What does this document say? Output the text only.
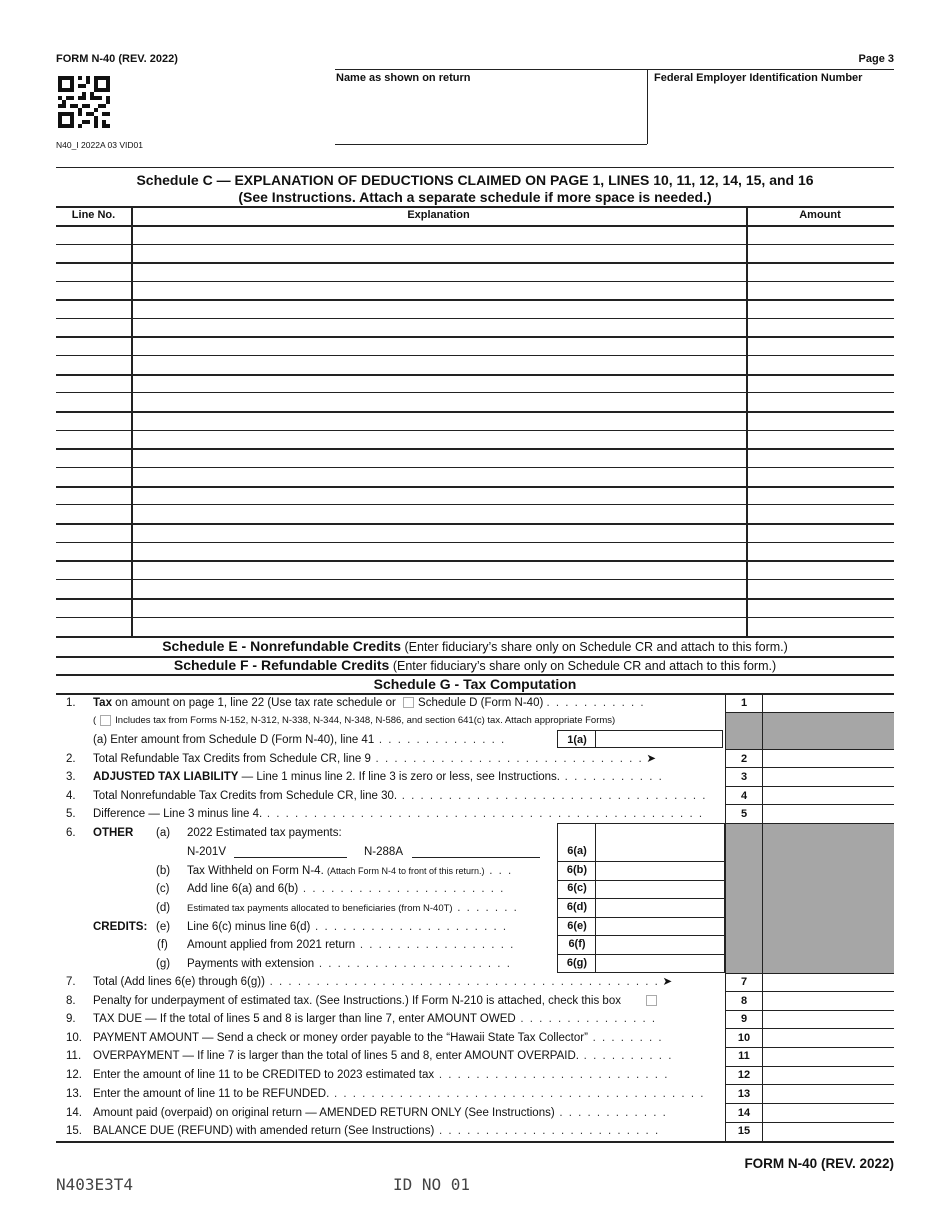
FORM N-40 (REV. 2022)	Page 3
N40_I 2022A 03 VID01
Name as shown on return	Federal Employer Identification Number
Schedule C — EXPLANATION OF DEDUCTIONS CLAIMED ON PAGE 1, LINES 10, 11, 12, 14, 15, and 16
(See Instructions. Attach a separate schedule if more space is needed.)
Line No.	Explanation	Amount
Schedule E - Nonrefundable Credits (Enter fiduciary’s share only on Schedule CR and attach to this form.)
Schedule F - Refundable Credits (Enter fiduciary’s share only on Schedule CR and attach to this form.)
Schedule G - Tax Computation
1. Tax on amount on page 1, line 22 (Use tax rate schedule or Schedule D (Form N-40) . . . . . . . . . . .	1
( Includes tax from Forms N-152, N-312, N-338, N-344, N-348, N-586, and section 641(c) tax. Attach appropriate Forms)
(a) Enter amount from Schedule D (Form N-40), line 41 . . . . . . . . . . . . . .	1(a)
2. Total Refundable Tax Credits from Schedule CR, line 9 . . . . . . . . . . . . . . . . . . . . . . . . . . . . . ➤	2
3. ADJUSTED TAX LIABILITY — Line 1 minus line 2. If line 3 is zero or less, see Instructions. . . . . . . . . . . .	3
4. Total Nonrefundable Tax Credits from Schedule CR, line 30. . . . . . . . . . . . . . . . . . . . . . . . . . . . . . . . . .	4
5. Difference — Line 3 minus line 4. . . . . . . . . . . . . . . . . . . . . . . . . . . . . . . . . . . . . . . . . . . . . . . .	5
6. OTHER (a) 2022 Estimated tax payments:
N-201V	N-288A	6(a)
(b) Tax Withheld on Form N-4. (Attach Form N-4 to front of this return.) . . .	6(b)
(c) Add line 6(a) and 6(b) . . . . . . . . . . . . . . . . . . . . . .	6(c)
(d) Estimated tax payments allocated to beneficiaries (from N-40T) . . . . . . .	6(d)
CREDITS: (e) Line 6(c) minus line 6(d) . . . . . . . . . . . . . . . . . . . . .	6(e)
(f) Amount applied from 2021 return . . . . . . . . . . . . . . . . .	6(f)
(g) Payments with extension . . . . . . . . . . . . . . . . . . . . .	6(g)
7. Total (Add lines 6(e) through 6(g)) . . . . . . . . . . . . . . . . . . . . . . . . . . . . . . . . . . . . . . . . . . ➤	7
8. Penalty for underpayment of estimated tax. (See Instructions.) If Form N-210 is attached, check this box	8
9. TAX DUE — If the total of lines 5 and 8 is larger than line 7, enter AMOUNT OWED . . . . . . . . . . . . . . .	9
10. PAYMENT AMOUNT — Send a check or money order payable to the “Hawaii State Tax Collector” . . . . . . . .	10
11. OVERPAYMENT — If line 7 is larger than the total of lines 5 and 8, enter AMOUNT OVERPAID. . . . . . . . . . .	11
12. Enter the amount of line 11 to be CREDITED to 2023 estimated tax . . . . . . . . . . . . . . . . . . . . . . . . .	12
13. Enter the amount of line 11 to be REFUNDED. . . . . . . . . . . . . . . . . . . . . . . . . . . . . . . . . . . . . . . . .	13
14. Amount paid (overpaid) on original return — AMENDED RETURN ONLY (See Instructions) . . . . . . . . . . . .	14
15. BALANCE DUE (REFUND) with amended return (See Instructions) . . . . . . . . . . . . . . . . . . . . . . . .	15
FORM N-40 (REV. 2022)
N403E3T4	ID NO 01
